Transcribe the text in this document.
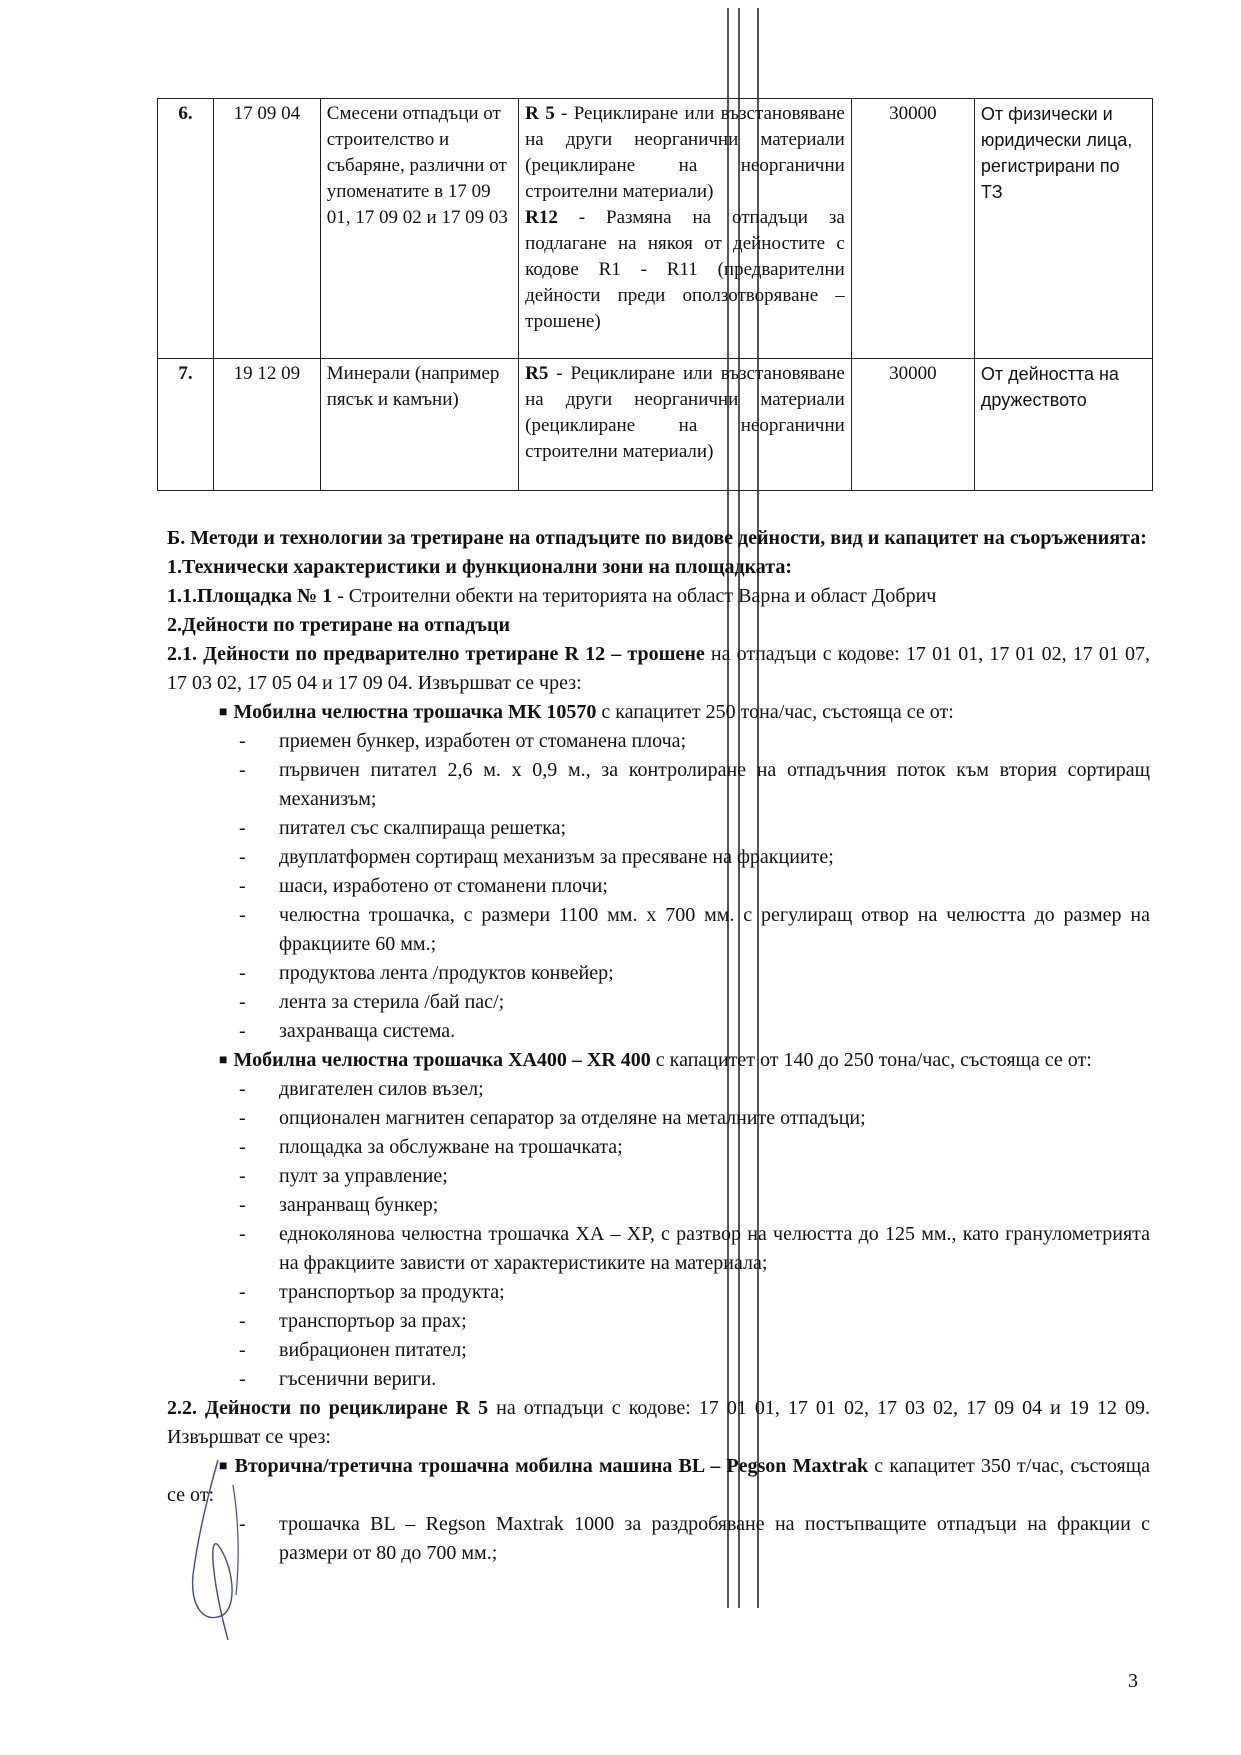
6.	17 09 04	Смесени отпадъци от строителство и събаряне, различни от упоменатите в 17 09 01, 17 09 02 и 17 09 03	R 5 - Рециклиране или възстановяване на други неорганични материали (рециклиране на неорганични строителни материали)
R12 - Размяна на отпадъци за подлагане на някоя от дейностите с кодове R1 - R11 (предварителни дейности преди оползотворяване – трошене)	30000	От физически и юридически лица, регистрирани по ТЗ
7.	19 12 09	Минерали (например пясък и камъни)	R5 - Рециклиране или възстановяване на други неорганични материали (рециклиране на неорганични строителни материали)	30000	От дейността на дружеството

Б. Методи и технологии за третиране на отпадъците по видове дейности, вид и капацитет на съоръженията:

1.Технически характеристики и функционални зони на площадката:

1.1.Площадка № 1 - Строителни обекти на територията на област Варна и област Добрич

2.Дейности по третиране на отпадъци

2.1. Дейности по предварително третиране R 12 – трошене на отпадъци с кодове: 17 01 01, 17 01 02, 17 01 07, 17 03 02, 17 05 04 и 17 09 04. Извършват се чрез:

■ Мобилна челюстна трошачка МК 10570 с капацитет 250 тона/час, състояща се от:

- приемен бункер, изработен от стоманена плоча;
- първичен питател 2,6 м. х 0,9 м., за контролиране на отпадъчния поток към втория сортиращ механизъм;
- питател със скалпираща решетка;
- двуплатформен сортиращ механизъм за пресяване на фракциите;
- шаси, изработено от стоманени плочи;
- челюстна трошачка, с размери 1100 мм. х 700 мм. с регулиращ отвор на челюстта до размер на фракциите 60 мм.;
- продуктова лента /продуктов конвейер;
- лента за стерила /бай пас/;
- захранваща система.

■ Мобилна челюстна трошачка ХА400 – XR 400 с капацитет от 140 до 250 тона/час, състояща се от:

- двигателен силов възел;
- опционален магнитен сепаратор за отделяне на металните отпадъци;
- площадка за обслужване на трошачката;
- пулт за управление;
- занранващ бункер;
- едноколянова челюстна трошачка ХА – ХР, с разтвор на челюстта до 125 мм., като гранулометрията на фракциите зависти от характеристиките на материала;
- транспортьор за продукта;
- транспортьор за прах;
- вибрационен питател;
- гъсенични вериги.

2.2. Дейности по рециклиране R 5 на отпадъци с кодове: 17 01 01, 17 01 02, 17 03 02, 17 09 04 и 19 12 09. Извършват се чрез:

■ Вторична/третична трошачна мобилна машина BL – Pegson Maxtrak с капацитет 350 т/час, състояща се от:

- трошачка BL – Regson Maxtrak 1000 за раздробяване на постъпващите отпадъци на фракции с размери от 80 до 700 мм.;
3
